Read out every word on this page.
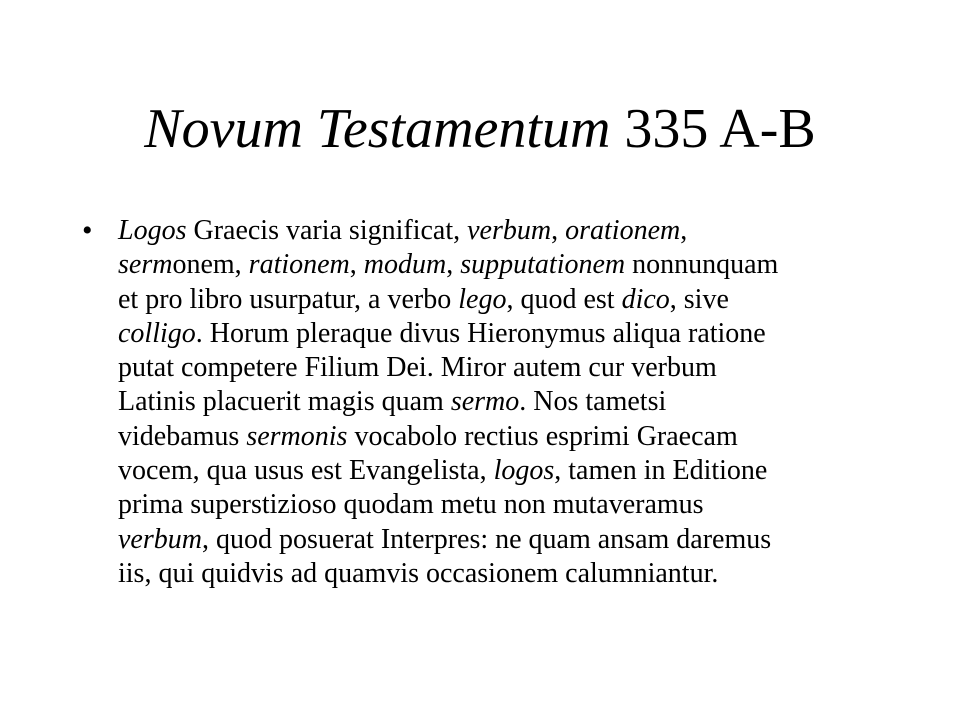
Novum Testamentum 335 A-B
• Logos Graecis varia significat, verbum, orationem,
sermonem, rationem, modum, supputationem nonnunquam
et pro libro usurpatur, a verbo lego, quod est dico, sive
colligo. Horum pleraque divus Hieronymus aliqua ratione
putat competere Filium Dei. Miror autem cur verbum
Latinis placuerit magis quam sermo. Nos tametsi
videbamus sermonis vocabolo rectius esprimi Graecam
vocem, qua usus est Evangelista, logos, tamen in Editione
prima superstizioso quodam metu non mutaveramus
verbum, quod posuerat Interpres: ne quam ansam daremus
iis, qui quidvis ad quamvis occasionem calumniantur.
